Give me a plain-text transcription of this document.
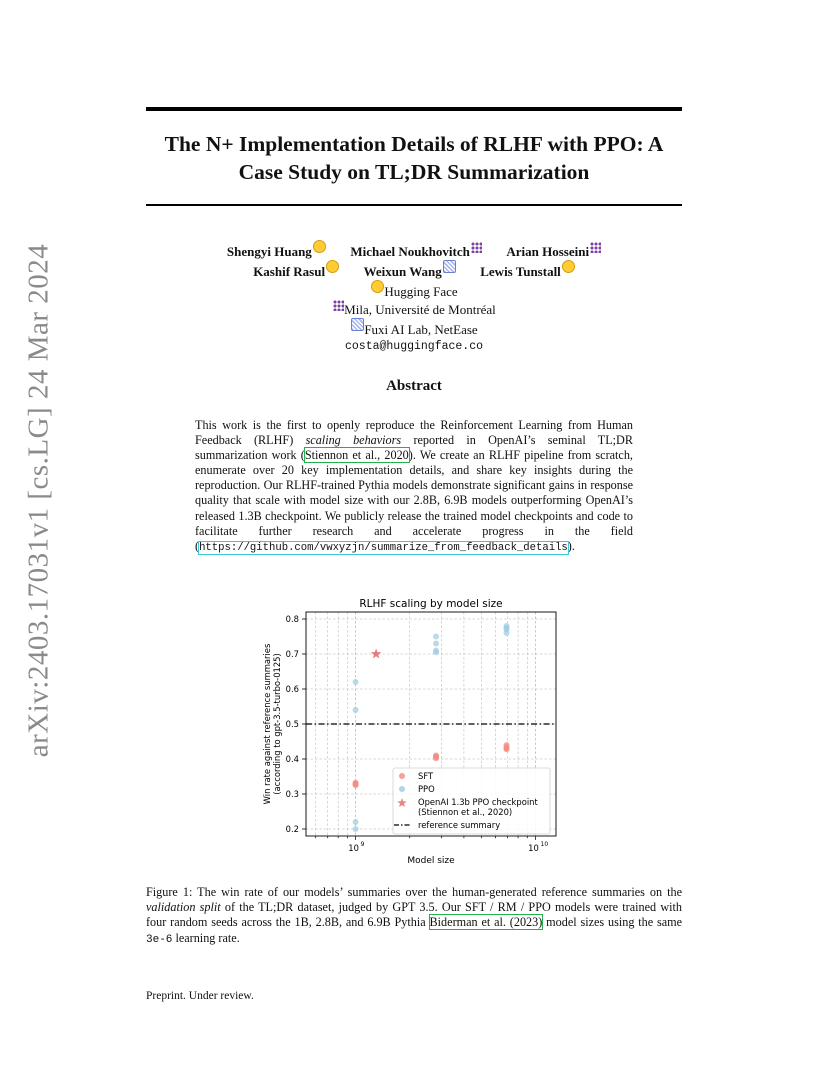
arXiv:2403.17031v1 [cs.LG] 24 Mar 2024
The N+ Implementation Details of RLHF with PPO: A Case Study on TL;DR Summarization
Shengyi Huang	Michael Noukhovitch	Arian Hosseini
Kashif Rasul	Weixun Wang	Lewis Tunstall
Hugging Face
Mila, Université de Montréal
Fuxi AI Lab, NetEase
costa@huggingface.co
Abstract

This work is the first to openly reproduce the Reinforcement Learning from Human Feedback (RLHF) scaling behaviors reported in OpenAI’s seminal TL;DR summarization work (Stiennon et al., 2020). We create an RLHF pipeline from scratch, enumerate over 20 key implementation details, and share key insights during the reproduction. Our RLHF-trained Pythia models demonstrate significant gains in response quality that scale with model size with our 2.8B, 6.9B models outperforming OpenAI’s released 1.3B checkpoint. We publicly release the trained model checkpoints and code to facilitate further research and accelerate progress in the field (https://github.com/vwxyzjn/summarize_from_feedback_details).

RLHF scaling by model size
0.2
0.3
0.4
0.5
0.6
0.7
0.8
10 9	10 10
Model size
Win rate against reference summaries (according to gpt-3.5-turbo-0125)	SFT
PPO
OpenAI 1.3b PPO checkpoint
(Stiennon et al., 2020)
reference summary

Figure 1: The win rate of our models’ summaries over the human-generated reference summaries on the validation split of the TL;DR dataset, judged by GPT 3.5. Our SFT / RM / PPO models were trained with four random seeds across the 1B, 2.8B, and 6.9B Pythia Biderman et al. (2023) model sizes using the same 3e-6 learning rate.

Preprint. Under review.
